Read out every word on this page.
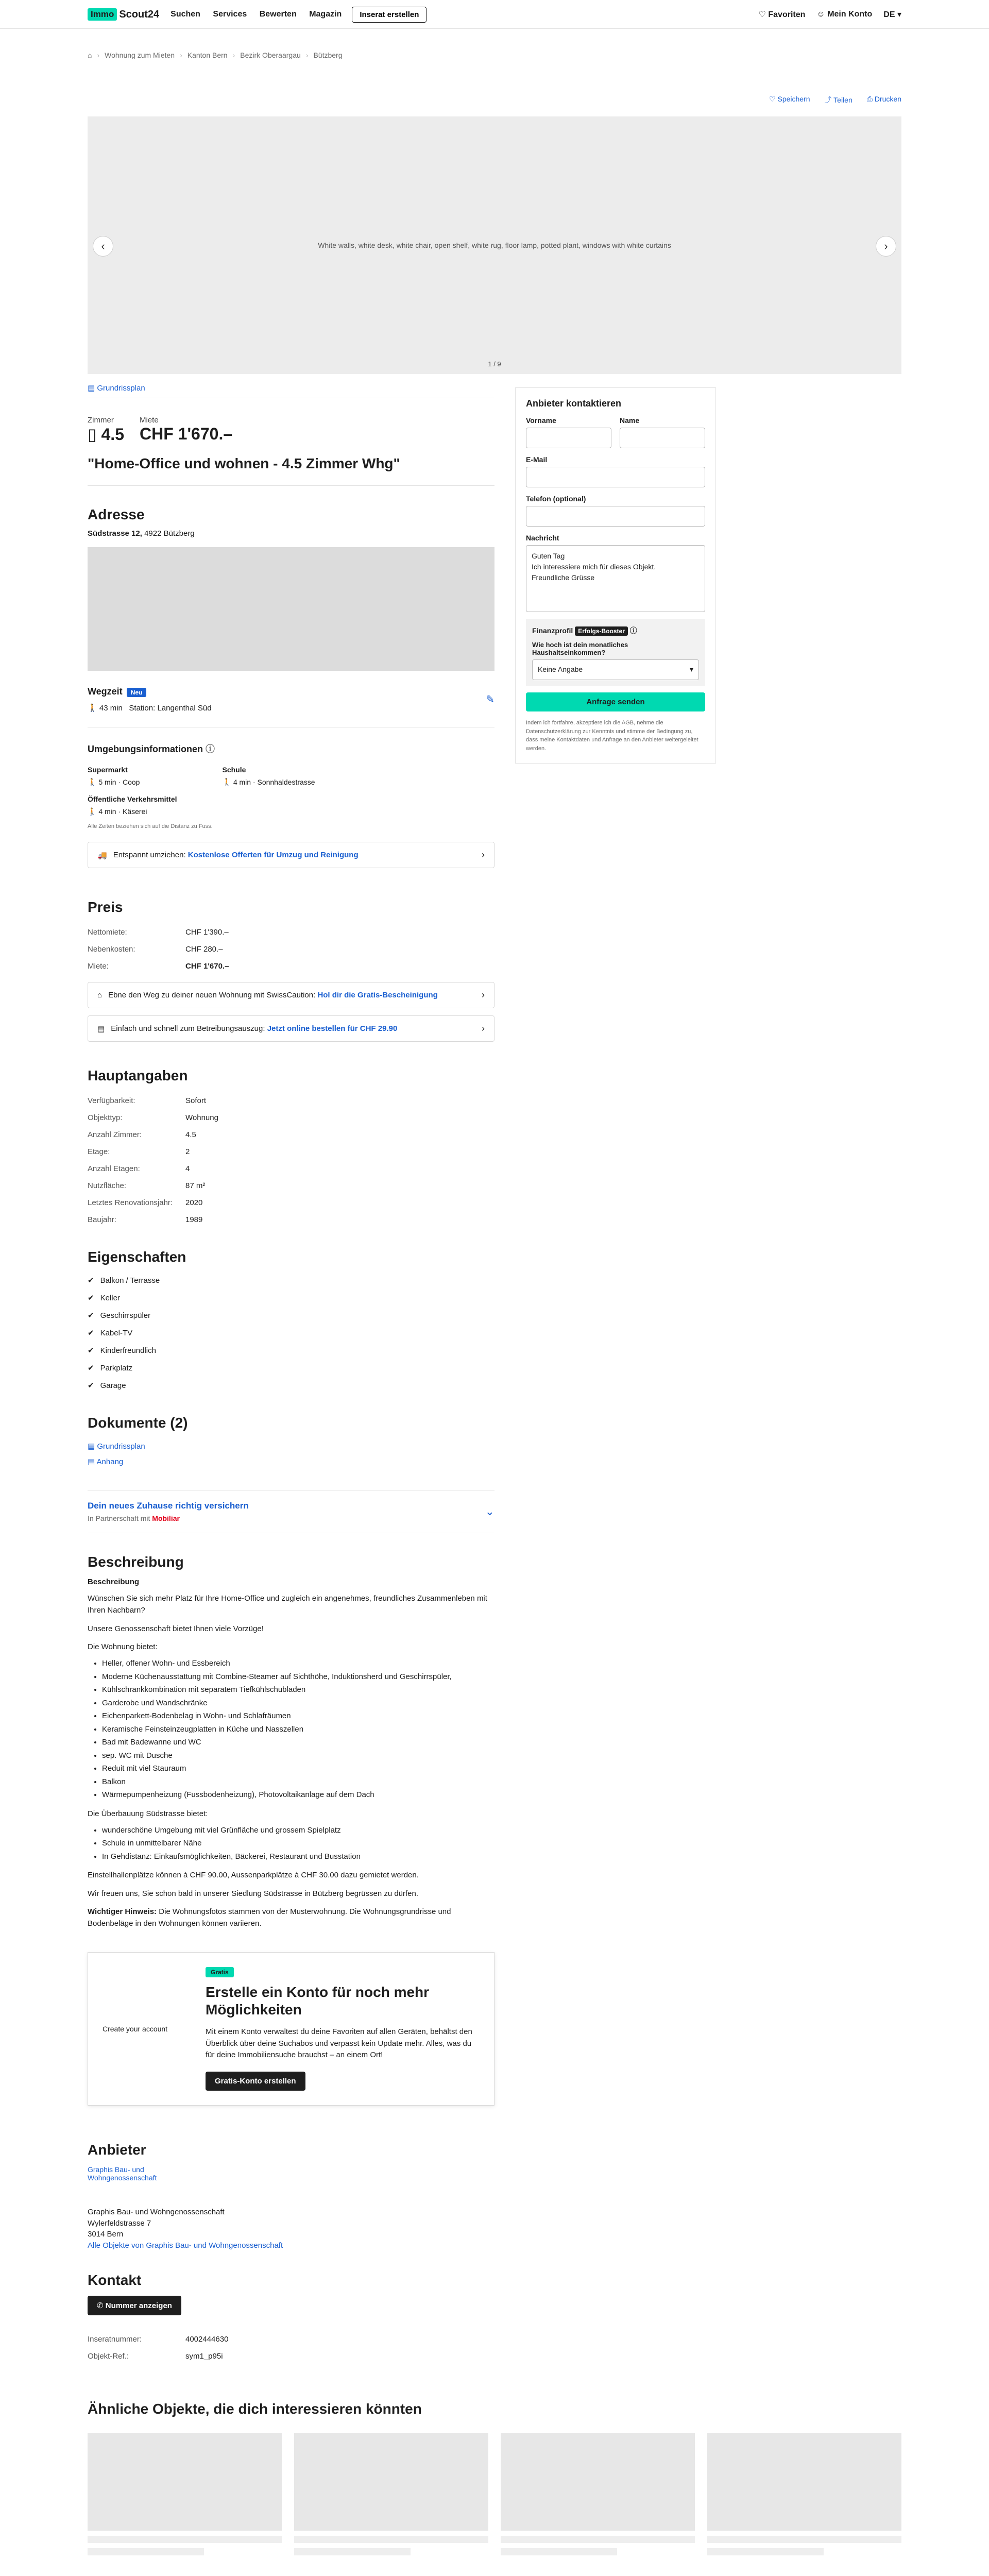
Immo Scout24 Suchen Services Bewerten Magazin	Inserat erstellen	♡ Favoriten ☺ Mein Konto DE ▾
⌂ › Wohnung zum Mieten › Kanton Bern › Bezirk Oberaargau › Bützberg
♡ Speichern ⤴ Teilen ⎙ Drucken
White walls, white desk, white chair, open shelf, white rug, floor lamp, potted plant, windows with white curtains
‹	›
1 / 9
▤ Grundrissplan
Zimmer
▯ 4.5
Miete
CHF 1'670.–
"Home-Office und wohnen - 4.5 Zimmer Whg"
Adresse
Südstrasse 12, 4922 Bützberg
Wegzeit Neu
🚶 43 min Station: Langenthal Süd
✎
Umgebungsinformationen ⓘ
Supermarkt
🚶 5 min · Coop
Schule
🚶 4 min · Sonnhaldestrasse
Öffentliche Verkehrsmittel
🚶 4 min · Käserei
Alle Zeiten beziehen sich auf die Distanz zu Fuss.
🚚 Entspannt umziehen: Kostenlose Offerten für Umzug und Reinigung	›
Preis
Nettomiete:	CHF 1'390.–
Nebenkosten:	CHF 280.–
Miete:	CHF 1'670.–
⌂ Ebne den Weg zu deiner neuen Wohnung mit SwissCaution: Hol dir die Gratis-Bescheinigung	›
▤ Einfach und schnell zum Betreibungsauszug: Jetzt online bestellen für CHF 29.90	›
Hauptangaben
Verfügbarkeit:	Sofort
Objekttyp:	Wohnung
Anzahl Zimmer:	4.5
Etage:	2
Anzahl Etagen:	4
Nutzfläche:	87 m²
Letztes Renovationsjahr:	2020
Baujahr:	1989
Eigenschaften
✔ Balkon / Terrasse
✔ Keller
✔ Geschirrspüler
✔ Kabel-TV
✔ Kinderfreundlich
✔ Parkplatz
✔ Garage
Dokumente (2)
▤ Grundrissplan
▤ Anhang
Dein neues Zuhause richtig versichern
In Partnerschaft mit Mobiliar
⌄
Beschreibung
Beschreibung

Wünschen Sie sich mehr Platz für Ihre Home-Office und zugleich ein angenehmes, freundliches Zusammenleben mit Ihren Nachbarn?

Unsere Genossenschaft bietet Ihnen viele Vorzüge!

Die Wohnung bietet:

• Heller, offener Wohn- und Essbereich
• Moderne Küchenausstattung mit Combine-Steamer auf Sichthöhe, Induktionsherd und Geschirrspüler,
• Kühlschrankkombination mit separatem Tiefkühlschubladen
• Garderobe und Wandschränke
• Eichenparkett-Bodenbelag in Wohn- und Schlafräumen
• Keramische Feinsteinzeugplatten in Küche und Nasszellen
• Bad mit Badewanne und WC
• sep. WC mit Dusche
• Reduit mit viel Stauraum
• Balkon
• Wärmepumpenheizung (Fussbodenheizung), Photovoltaikanlage auf dem Dach

Die Überbauung Südstrasse bietet:

• wunderschöne Umgebung mit viel Grünfläche und grossem Spielplatz
• Schule in unmittelbarer Nähe
• In Gehdistanz: Einkaufsmöglichkeiten, Bäckerei, Restaurant und Busstation

Einstellhallenplätze können à CHF 90.00, Aussenparkplätze à CHF 30.00 dazu gemietet werden.

Wir freuen uns, Sie schon bald in unserer Siedlung Südstrasse in Bützberg begrüssen zu dürfen.

Wichtiger Hinweis: Die Wohnungsfotos stammen von der Musterwohnung. Die Wohnungsgrundrisse und Bodenbeläge in den Wohnungen können variieren.

Create your account
Gratis
Erstelle ein Konto für noch mehr Möglichkeiten
Mit einem Konto verwaltest du deine Favoriten auf allen Geräten, behältst den Überblick über deine Suchabos und verpasst kein Update mehr. Alles, was du für deine Immobiliensuche brauchst – an einem Ort!
Gratis-Konto erstellen
Anbieter
Graphis Bau- und Wohngenossenschaft
Graphis Bau- und Wohngenossenschaft
Wylerfeldstrasse 7
3014 Bern
Alle Objekte von Graphis Bau- und Wohngenossenschaft
Kontakt
✆ Nummer anzeigen
Inseratnummer:	4002444630
Objekt-Ref.:	sym1_p95i
Anbieter kontaktieren
Vorname	Name
E-Mail
Telefon (optional)
Nachricht
Guten Tag
Ich interessiere mich für dieses Objekt.
Freundliche Grüsse
Finanzprofil Erfolgs-Booster ⓘ
Wie hoch ist dein monatliches Haushaltseinkommen?
Keine Angabe	▾
Anfrage senden
Indem ich fortfahre, akzeptiere ich die AGB, nehme die Datenschutzerklärung zur Kenntnis und stimme der Bedingung zu, dass meine Kontaktdaten und Anfrage an den Anbieter weitergeleitet werden.
Ähnliche Objekte, die dich interessieren könnten
